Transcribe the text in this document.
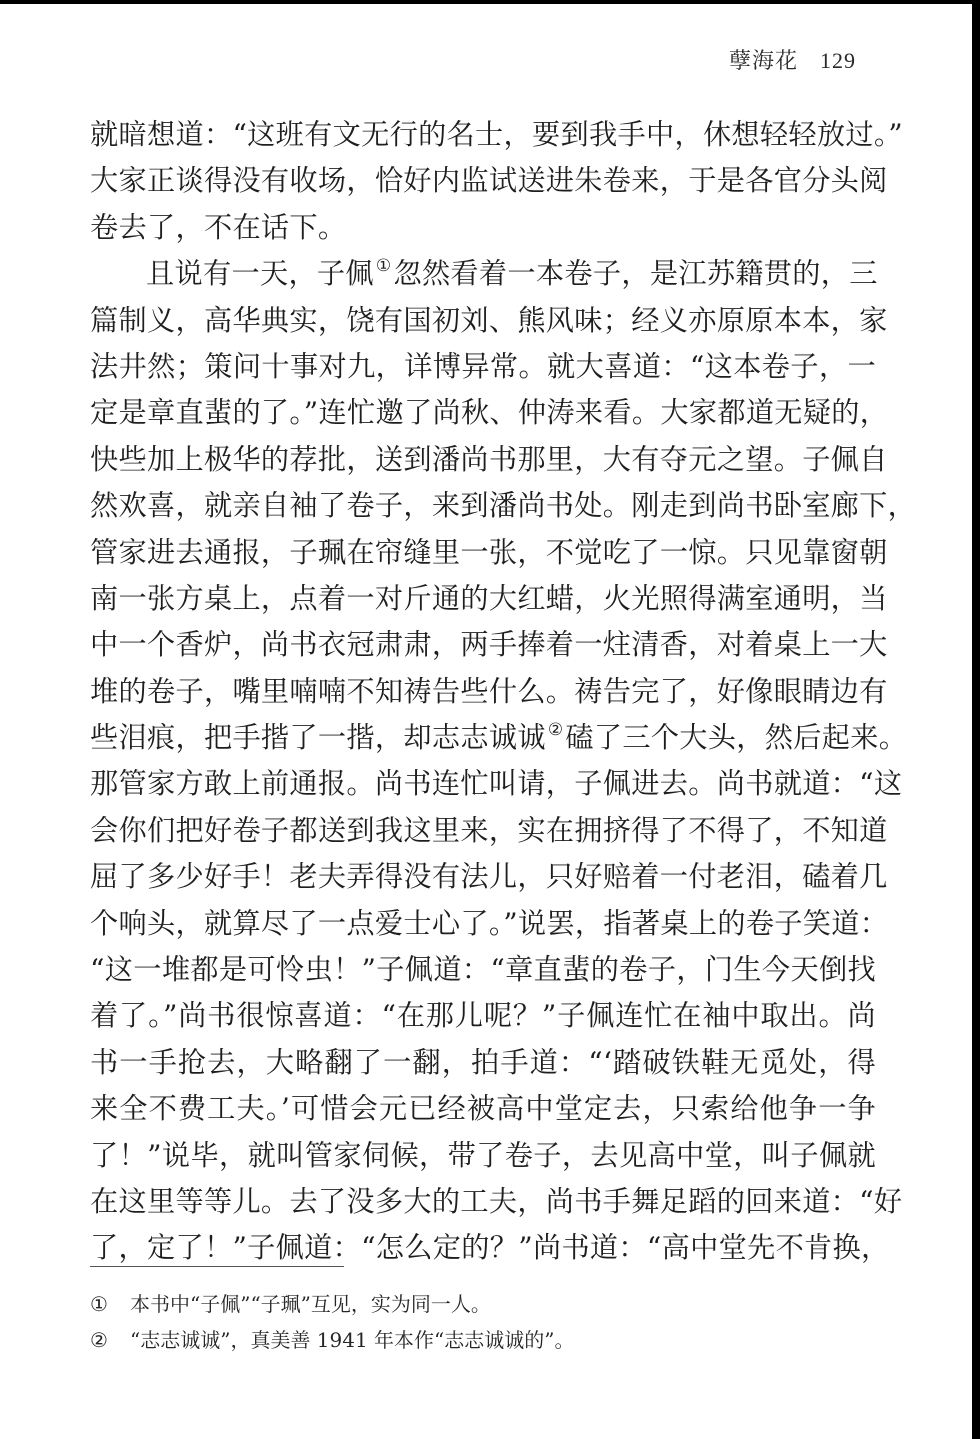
孽海花 129
就暗想道：“这班有文无行的名士，要到我手中，休想轻轻放过。”
大家正谈得没有收场，恰好内监试送进朱卷来，于是各官分头阅
卷去了，不在话下。
且说有一天，子佩 ①忽然看着一本卷子，是江苏籍贯的，三
篇制义，高华典实，饶有国初刘、熊风味；经义亦原原本本，家
法井然；策问十事对九，详博异常。就大喜道：“这本卷子，一
定是章直蜚的了。”连忙邀了尚秋、仲涛来看。大家都道无疑的，
快些加上极华的荐批，送到潘尚书那里，大有夺元之望。子佩自
然欢喜，就亲自袖了卷子，来到潘尚书处。刚走到尚书卧室廊下，
管家进去通报，子珮在帘缝里一张，不觉吃了一惊。只见靠窗朝
南一张方桌上，点着一对斤通的大红蜡，火光照得满室通明，当
中一个香炉，尚书衣冠肃肃，两手捧着一炷清香，对着桌上一大
堆的卷子，嘴里喃喃不知祷告些什么。祷告完了，好像眼睛边有
些泪痕，把手揩了一揩，却志志诚诚 ②磕了三个大头，然后起来。
那管家方敢上前通报。尚书连忙叫请，子佩进去。尚书就道：“这
会你们把好卷子都送到我这里来，实在拥挤得了不得了，不知道
屈了多少好手！老夫弄得没有法儿，只好赔着一付老泪，磕着几
个响头，就算尽了一点爱士心了。”说罢，指著桌上的卷子笑道：
“这一堆都是可怜虫！”子佩道：“章直蜚的卷子，门生今天倒找
着了。”尚书很惊喜道：“在那儿呢？”子佩连忙在袖中取出。尚
书一手抢去，大略翻了一翻，拍手道：“‘踏破铁鞋无觅处，得
来全不费工夫。’可惜会元已经被高中堂定去，只索给他争一争
了！”说毕，就叫管家伺候，带了卷子，去见高中堂，叫子佩就
在这里等等儿。去了没多大的工夫，尚书手舞足蹈的回来道：“好
了，定了！”子佩道：“怎么定的？”尚书道：“高中堂先不肯换，
① 本书中“子佩”“子珮”互见，实为同一人。
② “志志诚诚”，真美善 1941 年本作“志志诚诚的”。
